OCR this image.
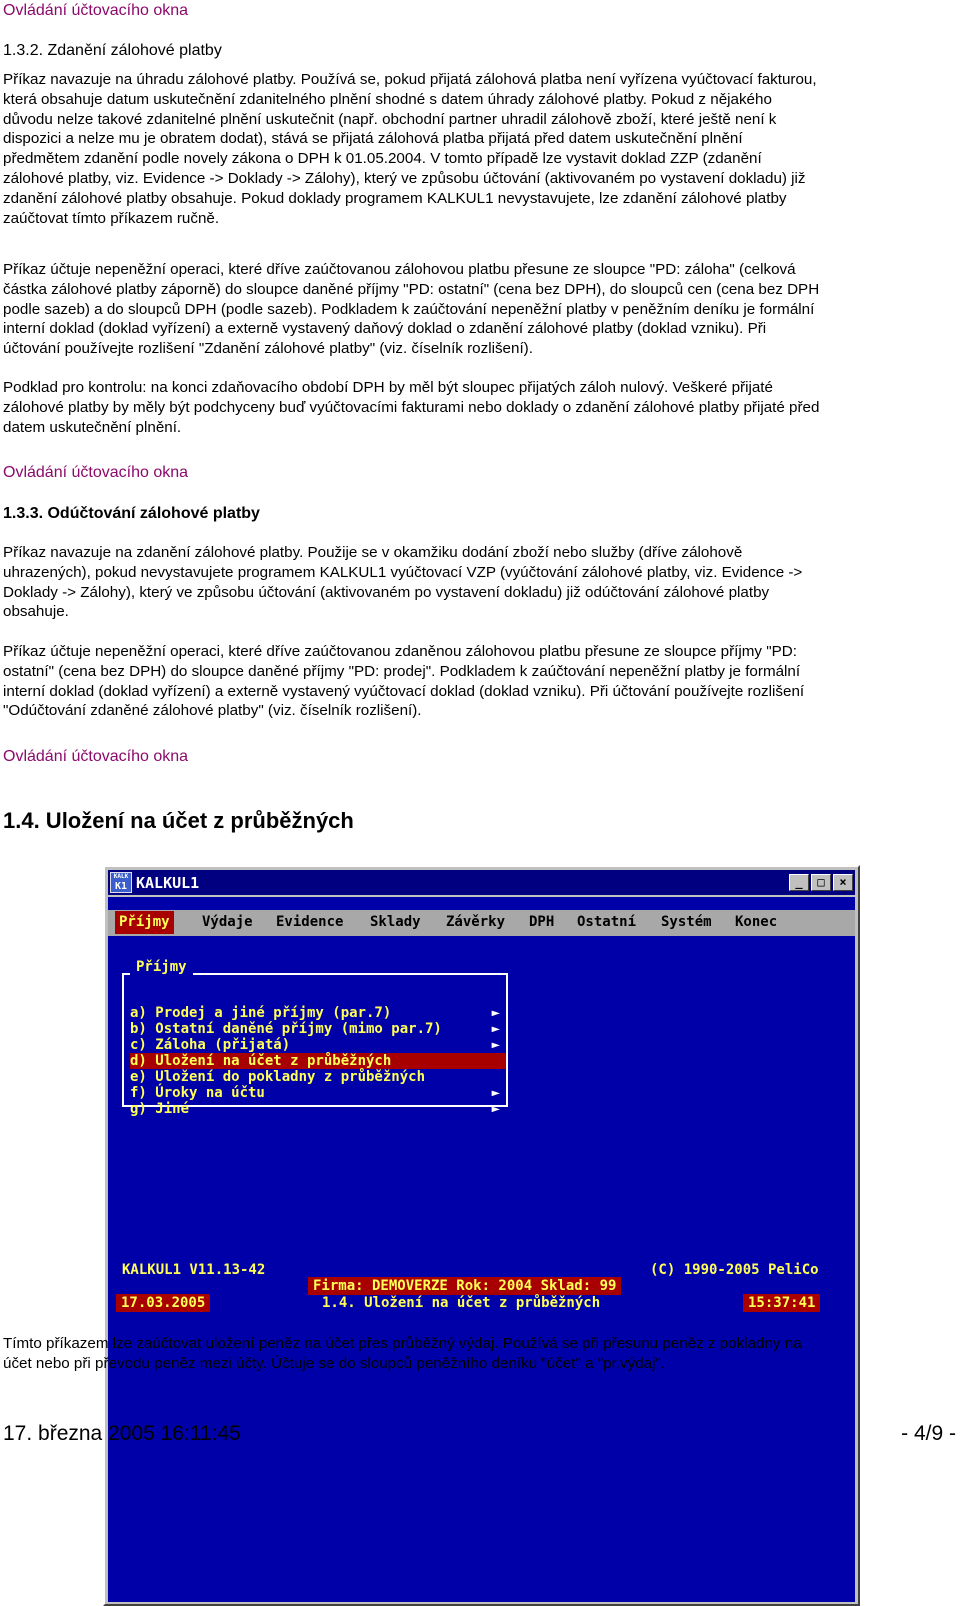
Ovládání účtovacího okna
1.3.2. Zdanění zálohové platby
Příkaz navazuje na úhradu zálohové platby. Používá se, pokud přijatá zálohová platba není vyřízena vyúčtovací fakturou,
která obsahuje datum uskutečnění zdanitelného plnění shodné s datem úhrady zálohové platby. Pokud z nějakého
důvodu nelze takové zdanitelné plnění uskutečnit (např. obchodní partner uhradil zálohově zboží, které ještě není k
dispozici a nelze mu je obratem dodat), stává se přijatá zálohová platba přijatá před datem uskutečnění plnění
předmětem zdanění podle novely zákona o DPH k 01.05.2004. V tomto případě lze vystavit doklad ZZP (zdanění
zálohové platby, viz. Evidence -> Doklady -> Zálohy), který ve způsobu účtování (aktivovaném po vystavení dokladu) již
zdanění zálohové platby obsahuje. Pokud doklady programem KALKUL1 nevystavujete, lze zdanění zálohové platby
zaúčtovat tímto příkazem ručně.
Příkaz účtuje nepeněžní operaci, které dříve zaúčtovanou zálohovou platbu přesune ze sloupce "PD: záloha" (celková
částka zálohové platby záporně) do sloupce daněné příjmy "PD: ostatní" (cena bez DPH), do sloupců cen (cena bez DPH
podle sazeb) a do sloupců DPH (podle sazeb). Podkladem k zaúčtování nepeněžní platby v peněžním deníku je formální
interní doklad (doklad vyřízení) a externě vystavený daňový doklad o zdanění zálohové platby (doklad vzniku). Při
účtování používejte rozlišení "Zdanění zálohové platby" (viz. číselník rozlišení).
Podklad pro kontrolu: na konci zdaňovacího období DPH by měl být sloupec přijatých záloh nulový. Veškeré přijaté
zálohové platby by měly být podchyceny buď vyúčtovacími fakturami nebo doklady o zdanění zálohové platby přijaté před
datem uskutečnění plnění.
Ovládání účtovacího okna
1.3.3. Odúčtování zálohové platby
Příkaz navazuje na zdanění zálohové platby. Použije se v okamžiku dodání zboží nebo služby (dříve zálohově
uhrazených), pokud nevystavujete programem KALKUL1 vyúčtovací VZP (vyúčtování zálohové platby, viz. Evidence ->
Doklady -> Zálohy), který ve způsobu účtování (aktivovaném po vystavení dokladu) již odúčtování zálohové platby
obsahuje.
Příkaz účtuje nepeněžní operaci, které dříve zaúčtovanou zdaněnou zálohovou platbu přesune ze sloupce příjmy "PD:
ostatní" (cena bez DPH) do sloupce daněné příjmy "PD: prodej". Podkladem k zaúčtování nepeněžní platby je formální
interní doklad (doklad vyřízení) a externě vystavený vyúčtovací doklad (doklad vzniku). Při účtování používejte rozlišení
"Odúčtování zdaněné zálohové platby" (viz. číselník rozlišení).
Ovládání účtovacího okna
1.4. Uložení na účet z průběžných
KALK
K1 KALKUL1	_	□	×
Příjmy Výdaje Evidence Sklady Závěrky DPH Ostatní Systém Konec
a) Prodej a jiné příjmy (par.7)	►
b) Ostatní daněné příjmy (mimo par.7)	►
c) Záloha (přijatá)	►
d) Uložení na účet z průběžných
e) Uložení do pokladny z průběžných
f) Úroky na účtu	►
g) Jiné	►
Příjmy
KALKUL1 V11.13-42	(C) 1990-2005 PeliCo
Firma: DEMOVERZE Rok: 2004 Sklad: 99
17.03.2005	1.4. Uložení na účet z průběžných	15:37:41
Tímto příkazem lze zaúčtovat uložení peněz na účet přes průběžný výdaj. Používá se při přesunu peněz z pokladny na
účet nebo při převodu peněz mezi účty. Účtuje se do sloupců peněžního deníku "účet" a "pr.výdaj".
17. března 2005 16:11:45	- 4/9 -
